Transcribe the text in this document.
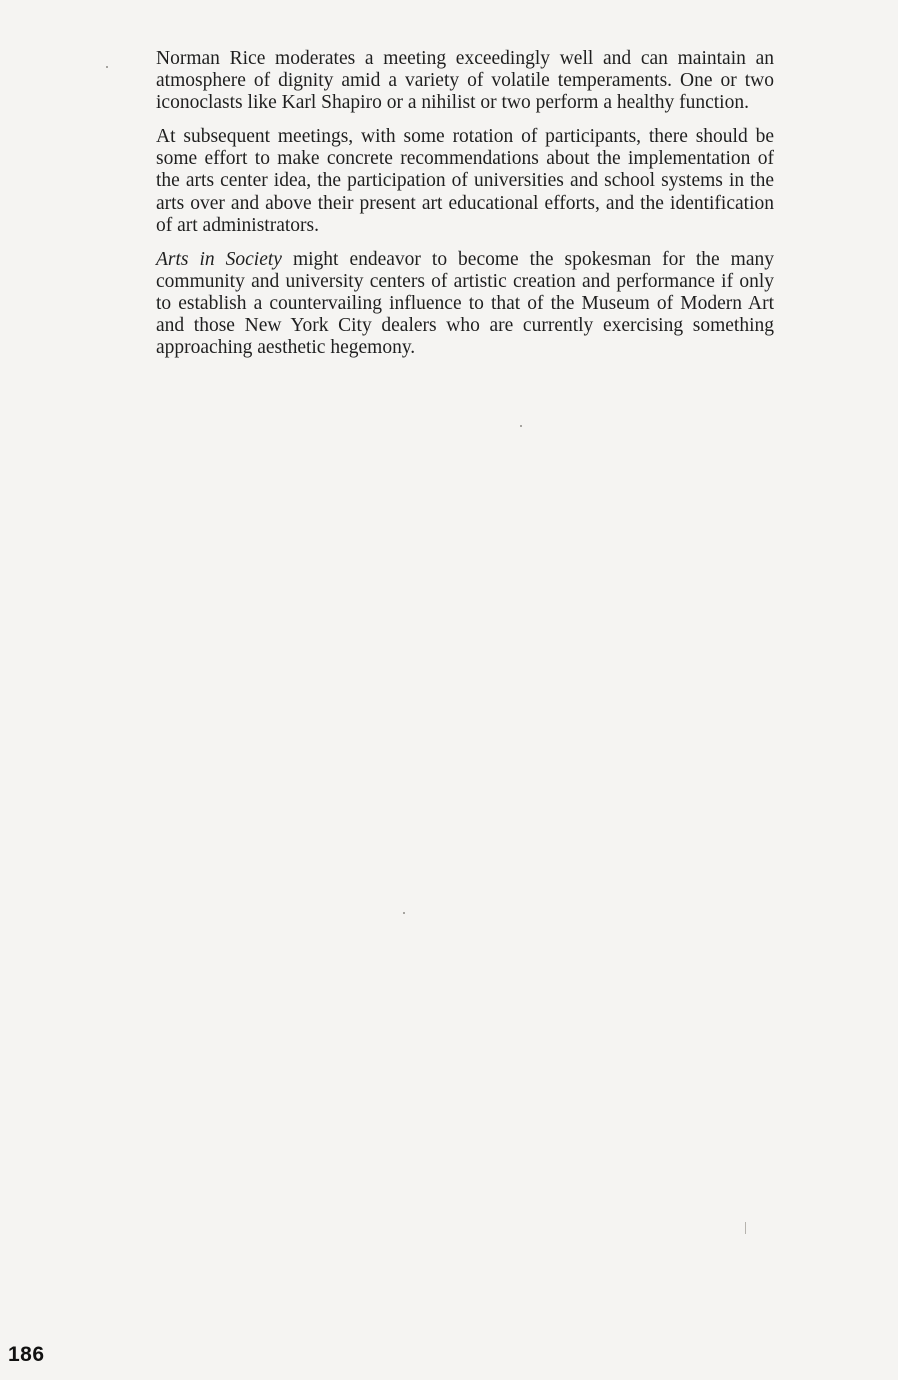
Norman Rice moderates a meeting exceedingly well and can maintain an atmosphere of dignity amid a variety of volatile temperaments. One or two iconoclasts like Karl Shapiro or a nihilist or two perform a healthy function.

At subsequent meetings, with some rotation of participants, there should be some effort to make concrete recommendations about the implementation of the arts center idea, the participation of universities and school systems in the arts over and above their present art educational efforts, and the identification of art administrators.

Arts in Society might endeavor to become the spokesman for the many community and university centers of artistic creation and performance if only to establish a countervailing influence to that of the Museum of Modern Art and those New York City dealers who are currently exercising something approaching aesthetic hegemony.

186
